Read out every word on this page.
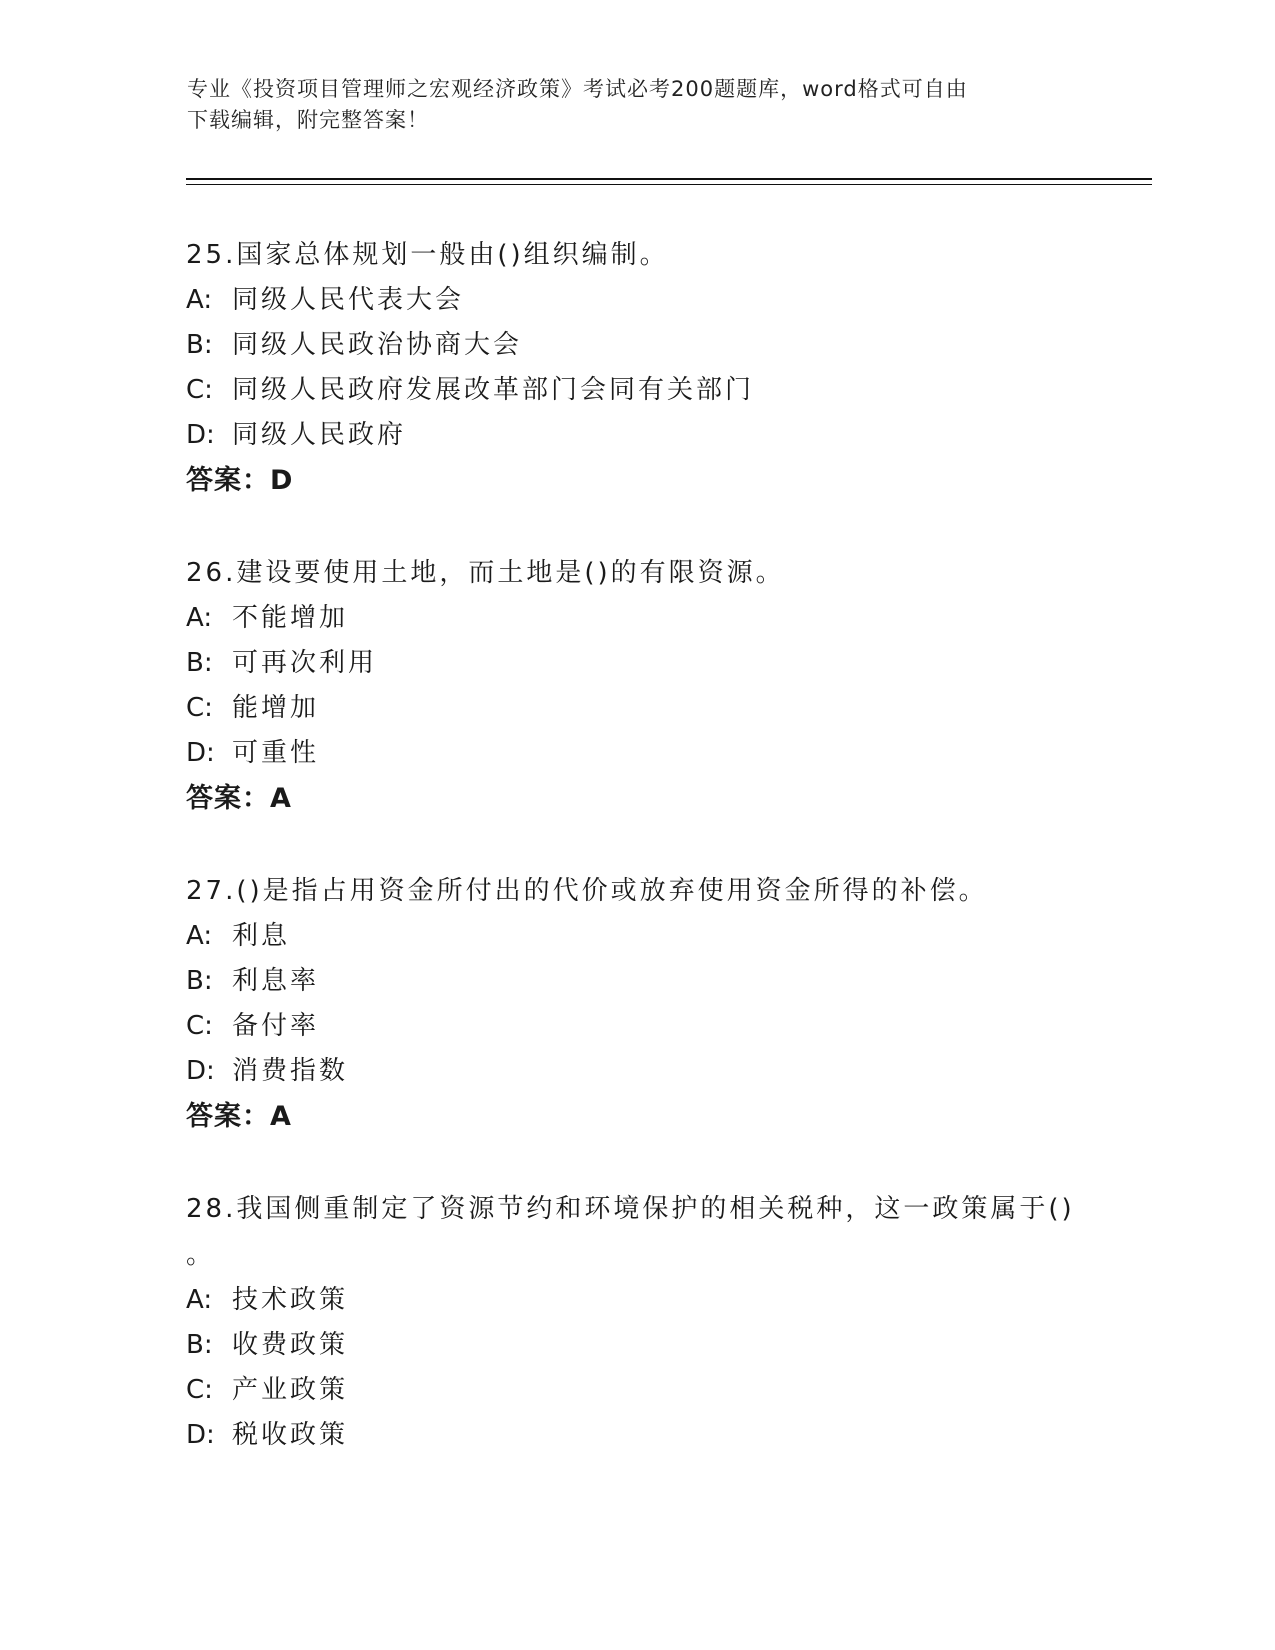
专业《投资项目管理师之宏观经济政策》考试必考200题题库，word格式可自由
下载编辑，附完整答案！
25.国家总体规划一般由()组织编制。
A: 同级人民代表大会
B: 同级人民政治协商大会
C: 同级人民政府发展改革部门会同有关部门
D: 同级人民政府
答案：D
26.建设要使用土地，而土地是()的有限资源。
A: 不能增加
B: 可再次利用
C: 能增加
D: 可重性
答案：A
27.()是指占用资金所付出的代价或放弃使用资金所得的补偿。
A: 利息
B: 利息率
C: 备付率
D: 消费指数
答案：A
28.我国侧重制定了资源节约和环境保护的相关税种，这一政策属于()
。
A: 技术政策
B: 收费政策
C: 产业政策
D: 税收政策
